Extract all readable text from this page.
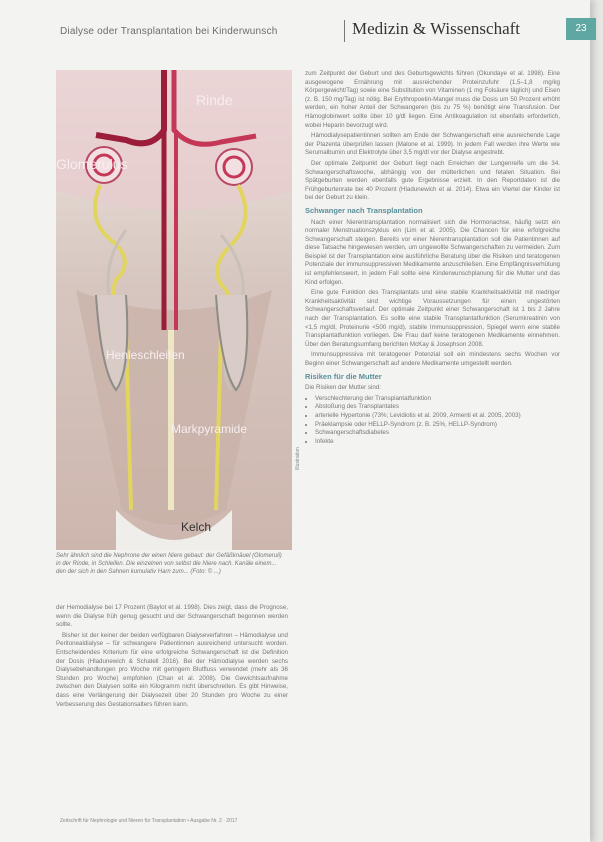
Dialyse oder Transplantation bei Kinderwunsch	Medizin & Wissenschaft
Rinde
Glomerulus
Henleschleifen
Markpyramide
Kelch
Illustration
Sehr ähnlich sind die Nephrone der einen Niere gebaut: der Gefäßknäuel (Glomeruli) in der Rinde, in Schleifen. Die einzelnen von selbst die Niere nach. Kanäle einem... den der sich in den Sahnen kumulativ Harn zum... (Foto: © ...)

der Hemodialyse bei 17 Prozent (Baylot et al. 1998). Dies zeigt, dass die Prognose, wenn die Dialyse früh genug gesucht und der Schwangerschaft begonnen werden sollte.

Bisher ist der keiner der beiden verfügbaren Dialyseverfahren – Hämodialyse und Peritonealdialyse – für schwangere Patientinnen ausreichend untersucht worden. Entscheidendes Kriterium für eine erfolgreiche Schwangerschaft ist die Definition der Dosis (Hladunewich & Schatell 2016). Bei der Hämodialyse werden sechs Dialysebehandlungen pro Woche mit geringem Blutfluss verwendet (mehr als 36 Stunden pro Woche) empfohlen (Chan et al. 2008). Die Gewichtsaufnahme zwischen den Dialysen sollte ein Kilogramm nicht überschreiten. Es gibt Hinweise, dass eine Verlängerung der Dialysezeit über 20 Stunden pro Woche zu einer Verbesserung des Gestationsalters führen kann.

zum Zeitpunkt der Geburt und des Geburtsgewichts führen (Okundaye et al. 1998). Eine ausgewogene Ernährung mit ausreichender Proteinzufuhr (1,5–1,8 mg/kg Körpergewicht/Tag) sowie eine Substitution von Vitaminen (1 mg Folsäure täglich) und Eisen (z. B. 150 mg/Tag) ist nötig. Bei Erythropoetin-Mangel muss die Dosis um 50 Prozent erhöht werden, ein hoher Anteil der Schwangeren (bis zu 75 %) benötigt eine Transfusion. Der Hämoglobinwert sollte über 10 g/dl liegen. Eine Antikoagulation ist ebenfalls erforderlich, wobei Heparin bevorzugt wird.

Hämodialysepatientinnen sollten am Ende der Schwangerschaft eine ausreichende Lage der Plazenta überprüfen lassen (Malone et al. 1999). In jedem Fall werden ihre Werte wie Serumalbumin und Elektrolyte über 3,5 mg/dl vor der Dialyse angestrebt.

Der optimale Zeitpunkt der Geburt liegt nach Erreichen der Lungenreife um die 34. Schwangerschaftswoche, abhängig von der mütterlichen und fetalen Situation. Bei Spätgeburten werden ebenfalls gute Ergebnisse erzielt. In den Reportdaten ist die Frühgeburtenrate bei 40 Prozent (Hladunewich et al. 2014). Etwa ein Viertel der Kinder ist bei der Geburt zu klein.

Schwanger nach Transplantation

Nach einer Nierentransplantation normalisiert sich die Hormonachse, häufig setzt ein normaler Menstruationszyklus ein (Lim et al. 2005). Die Chancen für eine erfolgreiche Schwangerschaft steigen. Bereits vor einer Nierentransplantation soll die Patientinnen auf diese Tatsache hingewiesen werden, um ungewollte Schwangerschaften zu vermeiden. Zum Beispiel ist der Transplantation eine ausführliche Beratung über die Risiken und teratogenen Potenziale der immunsuppressiven Medikamente anzuschließen. Eine Empfängnisverhütung ist empfehlenswert, in jedem Fall sollte eine Kinderwunschplanung für die Mutter und das Kind erfolgen.

Eine gute Funktion des Transplantats und eine stabile Krankheitsaktivität mit niedriger Krankheitsaktivität sind wichtige Voraussetzungen für einen ungestörten Schwangerschaftsverlauf. Der optimale Zeitpunkt einer Schwangerschaft ist 1 bis 2 Jahre nach der Transplantation. Es sollte eine stabile Transplantatfunktion (Serumkreatinin von <1,5 mg/dl, Proteinurie <500 mg/d), stabile Immunsuppression, Spiegel wenn eine stabile Transplantatfunktion vorliegen. Die Frau darf keine teratogenen Medikamente einnehmen. Über den Beratungsumfang berichten McKay & Josephson 2008.

Immunsuppressiva mit teratogener Potenzial soll ein mindestens sechs Wochen vor Beginn einer Schwangerschaft auf andere Medikamente umgestellt werden.

Risiken für die Mutter

Die Risiken der Mutter sind:

• Verschlechterung der Transplantatfunktion
• Abstoßung des Transplantates
• arterielle Hypertonie (73%; Levidiotis et al. 2009, Armenti et al. 2005, 2003)
• Präeklampsie oder HELLP-Syndrom (z. B. 25%, HELLP-Syndrom)
• Schwangerschaftsdiabetes
• Infekte
Zeitschrift für Nephrologie und Nieren für Transplantation • Ausgabe Nr. 2 · 2017
23
